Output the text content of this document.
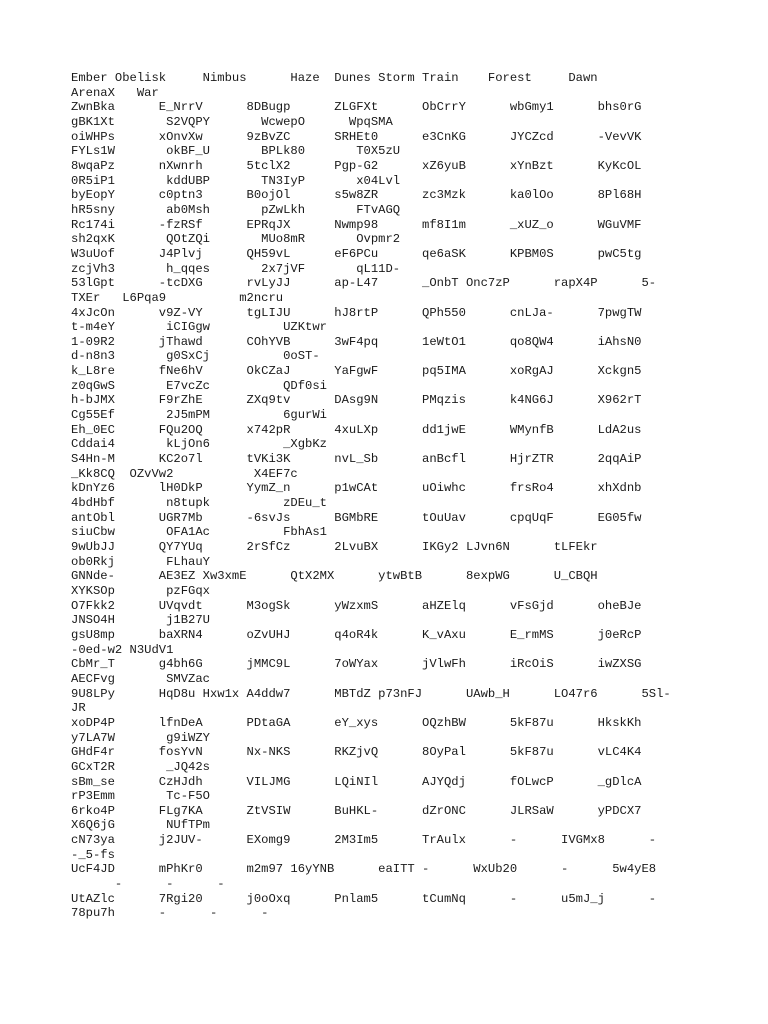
Ember Obelisk     Nimbus      Haze  Dunes Storm Train    Forest     Dawn
ArenaX   War
ZwnBka      E_NrrV      8DBugp      ZLGFXt      ObCrrY      wbGmy1      bhs0rG
gBK1Xt       S2VQPY       WcwepO      WpqSMA
oiWHPs      xOnvXw      9zBvZC      SRHEt0      e3CnKG      JYCZcd      -VevVK
FYLs1W       okBF_U       BPLk80       T0X5zU
8wqaPz      nXwnrh      5tclX2      Pgp-G2      xZ6yuB      xYnBzt      KyKcOL
0R5iP1       kddUBP       TN3IyP       x04Lvl
byEopY      c0ptn3      B0ojOl      s5w8ZR      zc3Mzk      ka0lOo      8Pl68H
hR5sny       ab0Msh       pZwLkh       FTvAGQ
Rc174i      -fzRSf      EPRqJX      Nwmp98      mf8I1m      _xUZ_o      WGuVMF
sh2qxK       QOtZQi       MUo8mR       Ovpmr2
W3uUof      J4Plvj      QH59vL      eF6PCu      qe6aSK      KPBM0S      pwC5tg
zcjVh3       h_qqes       2x7jVF       qL11D-
53lGpt      -tcDXG      rvLyJJ      ap-L47      _OnbT Onc7zP      rapX4P      5-
TXEr   L6Pqa9          m2ncru
4xJcOn      v9Z-VY      tgLIJU      hJ8rtP      QPh550      cnLJa-      7pwgTW
t-m4eY       iCIGgw          UZKtwr
1-09R2      jThawd      COhYVB      3wF4pq      1eWtO1      qo8QW4      iAhsN0
d-n8n3       g0SxCj          0oST-
k_L8re      fNe6hV      OkCZaJ      YaFgwF      pq5IMA      xoRgAJ      Xckgn5
z0qGwS       E7vcZc          QDf0si
h-bJMX      F9rZhE      ZXq9tv      DAsg9N      PMqzis      k4NG6J      X962rT
Cg55Ef       2J5mPM          6gurWi
Eh_0EC      FQu2OQ      x742pR      4xuLXp      dd1jwE      WMynfB      LdA2us
Cddai4       kLjOn6          _XgbKz
S4Hn-M      KC2o7l      tVKi3K      nvL_Sb      anBcfl      HjrZTR      2qqAiP
_Kk8CQ  OZvVw2           X4EF7c
kDnYz6      lH0DkP      YymZ_n      p1wCAt      uOiwhc      frsRo4      xhXdnb
4bdHbf       n8tupk          zDEu_t
antObl      UGR7Mb      -6svJs      BGMbRE      tOuUav      cpqUqF      EG05fw
siuCbw       OFA1Ac          FbhAs1
9wUbJJ      QY7YUq      2rSfCz      2LvuBX      IKGy2 LJvn6N      tLFEkr
ob0Rkj       FLhauY
GNNde-      AE3EZ Xw3xmE      QtX2MX      ytwBtB      8expWG      U_CBQH
XYKSOp       pzFGqx
O7Fkk2      UVqvdt      M3ogSk      yWzxmS      aHZElq      vFsGjd      oheBJe
JNSO4H       j1B27U
gsU8mp      baXRN4      oZvUHJ      q4oR4k      K_vAxu      E_rmMS      j0eRcP
-0ed-w2 N3UdV1
CbMr_T      g4bh6G      jMMC9L      7oWYax      jVlwFh      iRcOiS      iwZXSG
AECFvg       SMVZac
9U8LPy      HqD8u Hxw1x A4ddw7      MBTdZ p73nFJ      UAwb_H      LO47r6      5Sl-
JR
xoDP4P      lfnDeA      PDtaGA      eY_xys      OQzhBW      5kF87u      HkskKh
y7LA7W       g9iWZY
GHdF4r      fosYvN      Nx-NKS      RKZjvQ      8OyPal      5kF87u      vLC4K4
GCxT2R       _JQ42s
sBm_se      CzHJdh      VILJMG      LQiNIl      AJYQdj      fOLwcP      _gDlcA
rP3Emm       Tc-F5O
6rko4P      FLg7KA      ZtVSIW      BuHKL-      dZrONC      JLRSaW      yPDCX7
X6Q6jG       NUfTPm
cN73ya      j2JUV-      EXomg9      2M3Im5      TrAulx      -      IVGMx8      -
-_5-fs
UcF4JD      mPhKr0      m2m97 16yYNB      eaITT -      WxUb20      -      5w4yE8
-      -      -
UtAZlc      7Rgi20      j0oOxq      Pnlam5      tCumNq      -      u5mJ_j      -
78pu7h      -      -      -
